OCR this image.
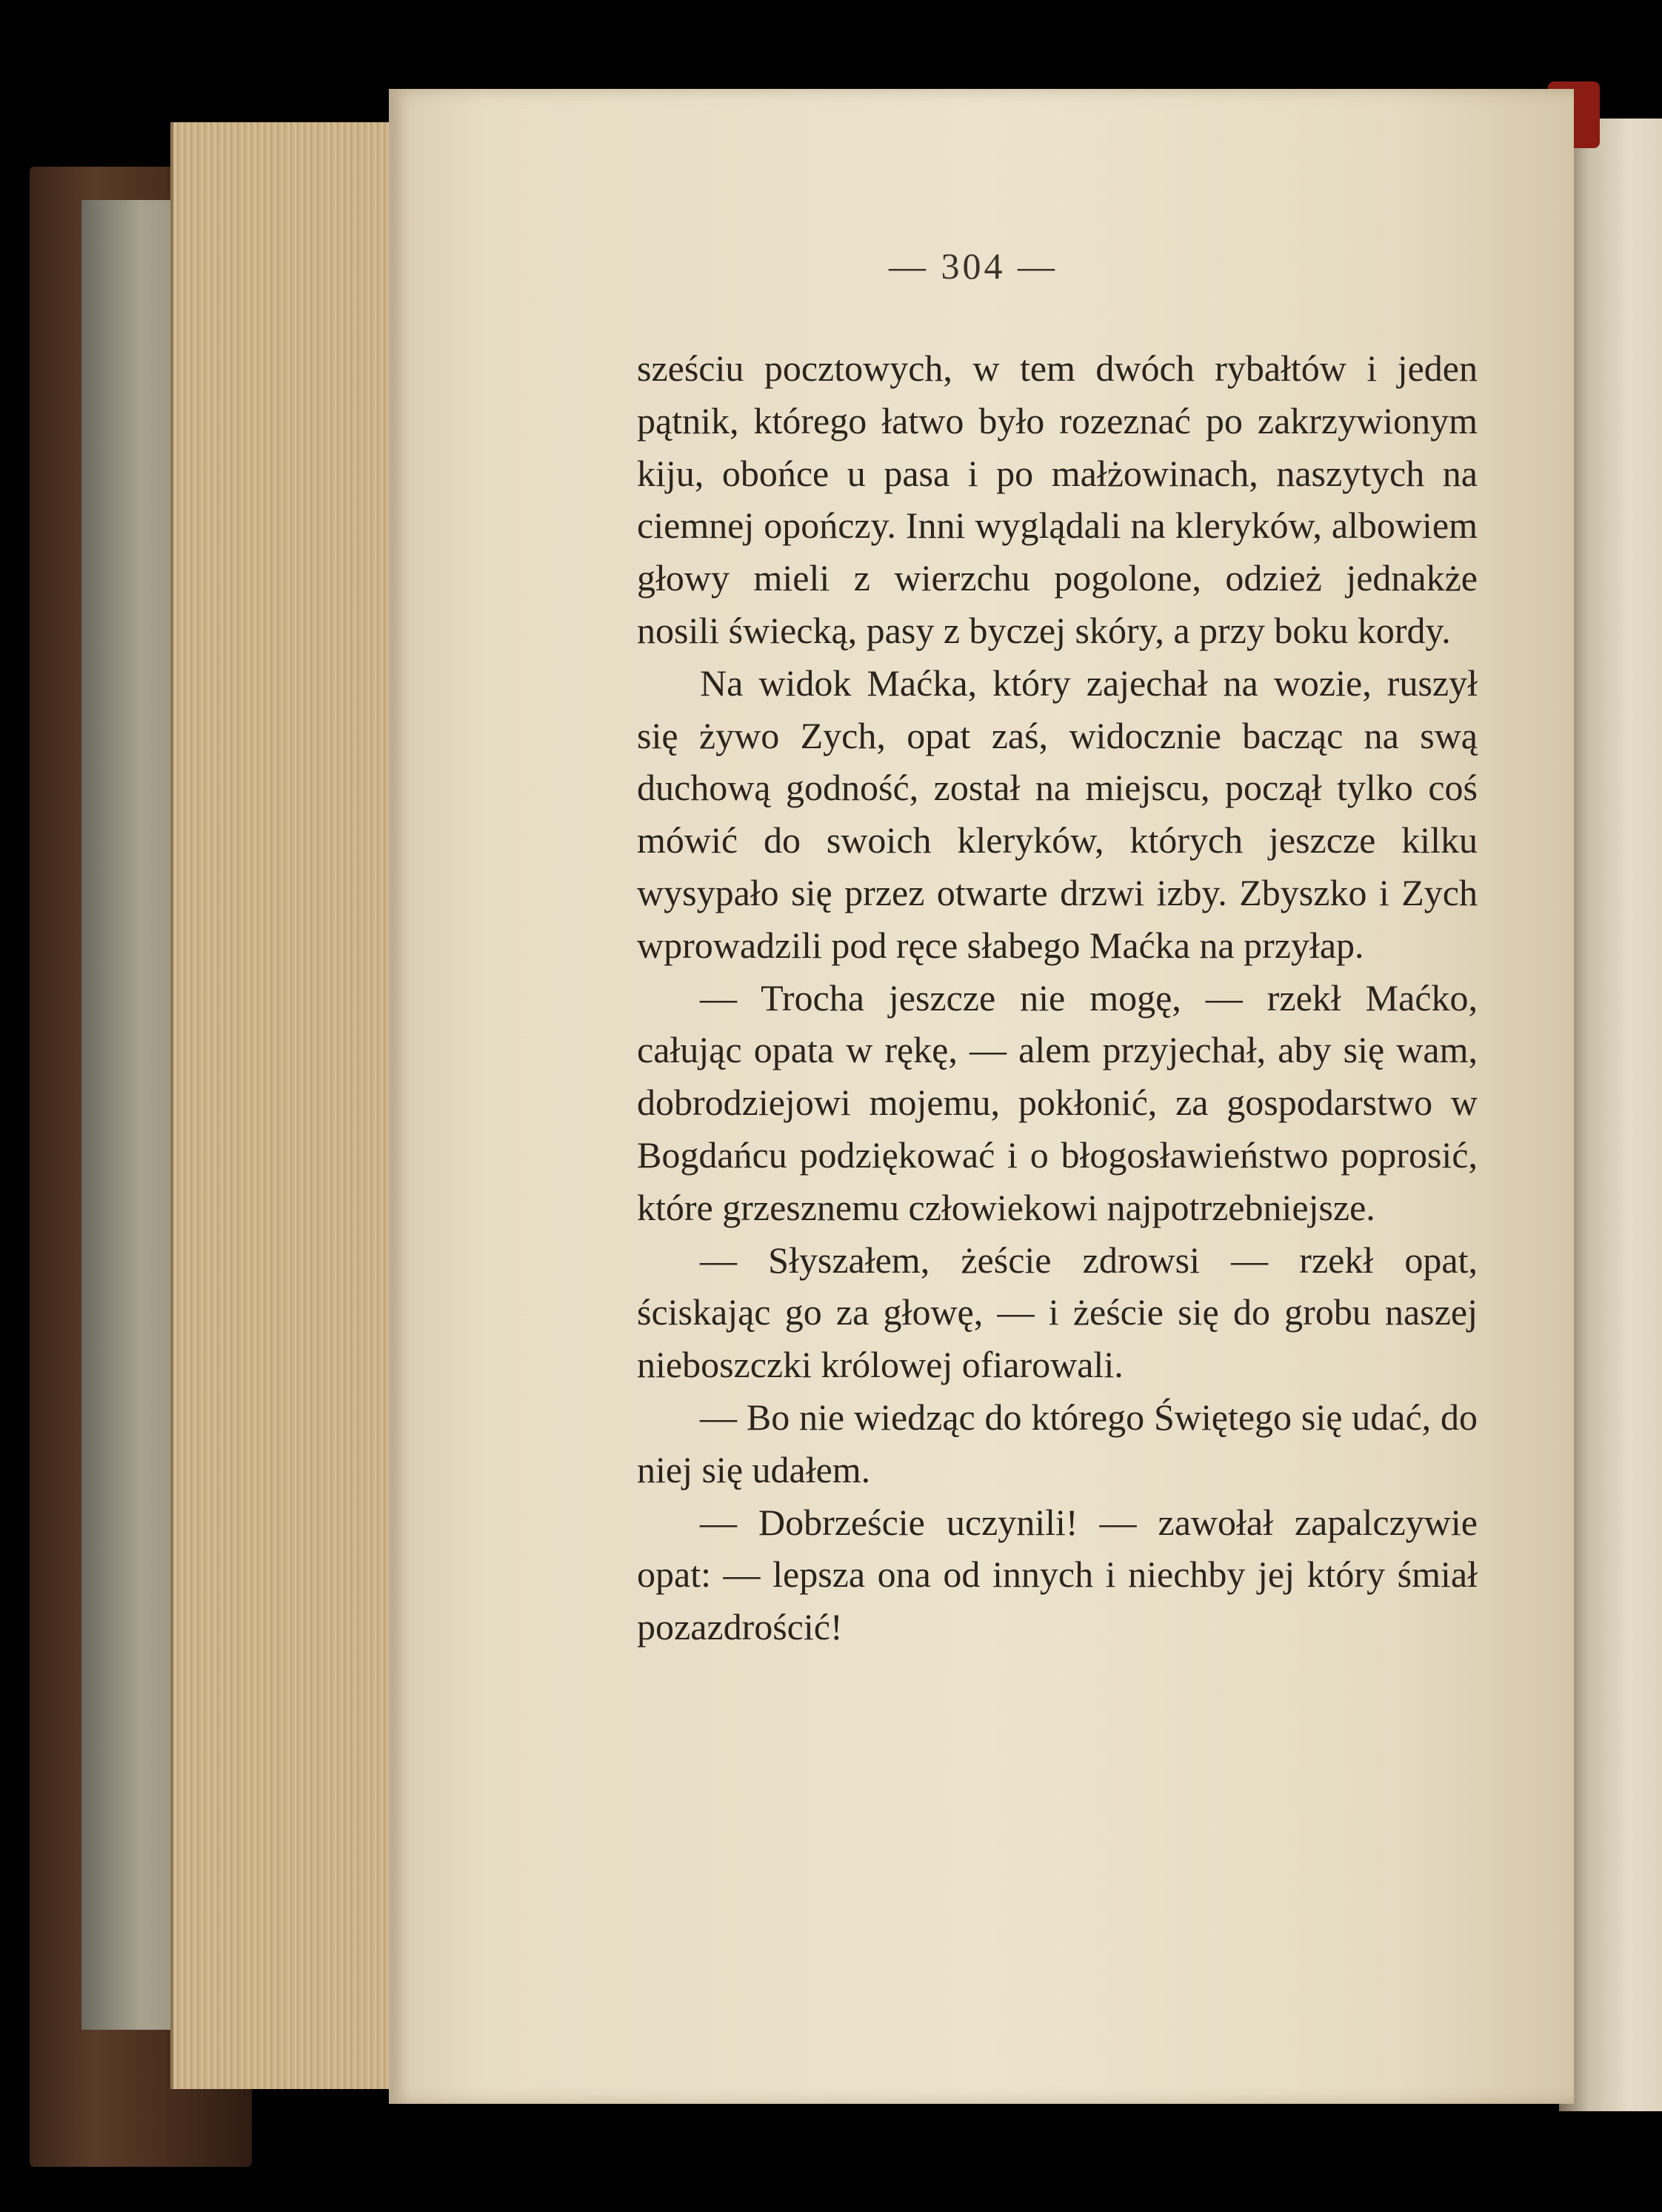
— 304 —

sześciu pocztowych, w tem dwóch rybałtów i jeden pątnik, którego łatwo było rozeznać po zakrzywionym kiju, obońce u pasa i po małżowinach, naszytych na ciemnej opończy. Inni wyglądali na kleryków, albowiem głowy mieli z wierzchu pogolone, odzież jednakże nosili świecką, pasy z byczej skóry, a przy boku kordy.

Na widok Maćka, który zajechał na wozie, ruszył się żywo Zych, opat zaś, widocznie bacząc na swą duchową godność, został na miejscu, począł tylko coś mówić do swoich kleryków, których jeszcze kilku wysypało się przez otwarte drzwi izby. Zbyszko i Zych wprowadzili pod ręce słabego Maćka na przyłap.

— Trocha jeszcze nie mogę, — rzekł Maćko, całując opata w rękę, — alem przyjechał, aby się wam, dobrodziejowi mojemu, pokłonić, za gospodarstwo w Bogdańcu podziękować i o błogosławieństwo poprosić, które grzesznemu człowiekowi najpotrzebniejsze.

— Słyszałem, żeście zdrowsi — rzekł opat, ściskając go za głowę, — i żeście się do grobu naszej nieboszczki królowej ofiarowali.

— Bo nie wiedząc do którego Świętego się udać, do niej się udałem.

— Dobrzeście uczynili! — zawołał zapalczywie opat: — lepsza ona od innych i niechby jej który śmiał pozazdrościć!
